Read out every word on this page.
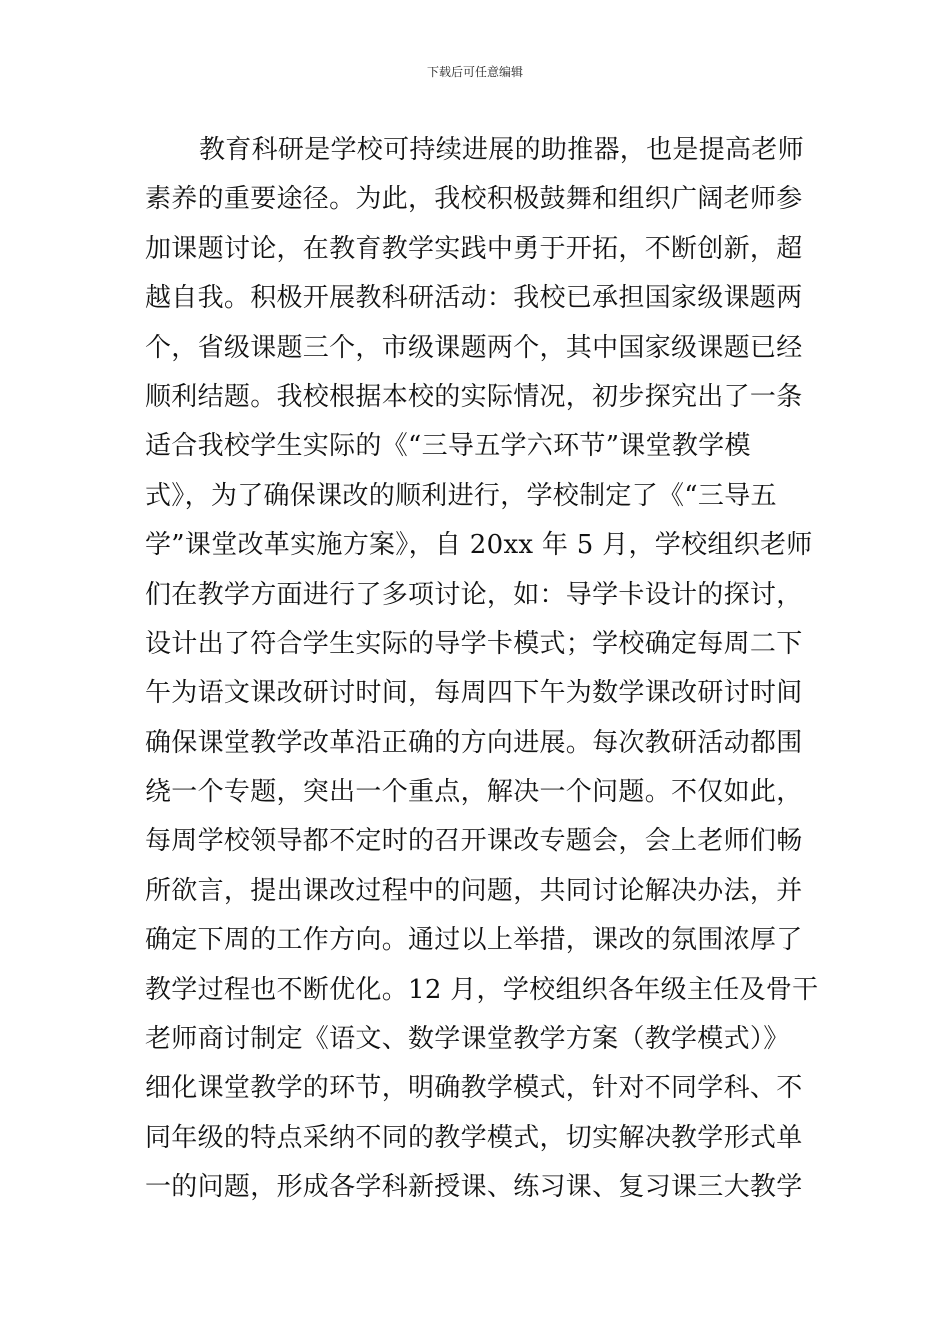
下载后可任意编辑
教育科研是学校可持续进展的助推器，也是提高老师
素养的重要途径。为此，我校积极鼓舞和组织广阔老师参
加课题讨论，在教育教学实践中勇于开拓，不断创新，超
越自我。积极开展教科研活动：我校已承担国家级课题两
个，省级课题三个，市级课题两个，其中国家级课题已经
顺利结题。我校根据本校的实际情况，初步探究出了一条
适合我校学生实际的《“三导五学六环节”课堂教学模
式》，为了确保课改的顺利进行，学校制定了《“三导五
学”课堂改革实施方案》，自 20xx 年 5 月，学校组织老师
们在教学方面进行了多项讨论，如：导学卡设计的探讨，
设计出了符合学生实际的导学卡模式；学校确定每周二下
午为语文课改研讨时间，每周四下午为数学课改研讨时间
确保课堂教学改革沿正确的方向进展。每次教研活动都围
绕一个专题，突出一个重点，解决一个问题。不仅如此，
每周学校领导都不定时的召开课改专题会，会上老师们畅
所欲言，提出课改过程中的问题，共同讨论解决办法，并
确定下周的工作方向。通过以上举措，课改的氛围浓厚了
教学过程也不断优化。12 月，学校组织各年级主任及骨干
老师商讨制定《语文、数学课堂教学方案（教学模式）》
细化课堂教学的环节，明确教学模式，针对不同学科、不
同年级的特点采纳不同的教学模式，切实解决教学形式单
一的问题，形成各学科新授课、练习课、复习课三大教学
